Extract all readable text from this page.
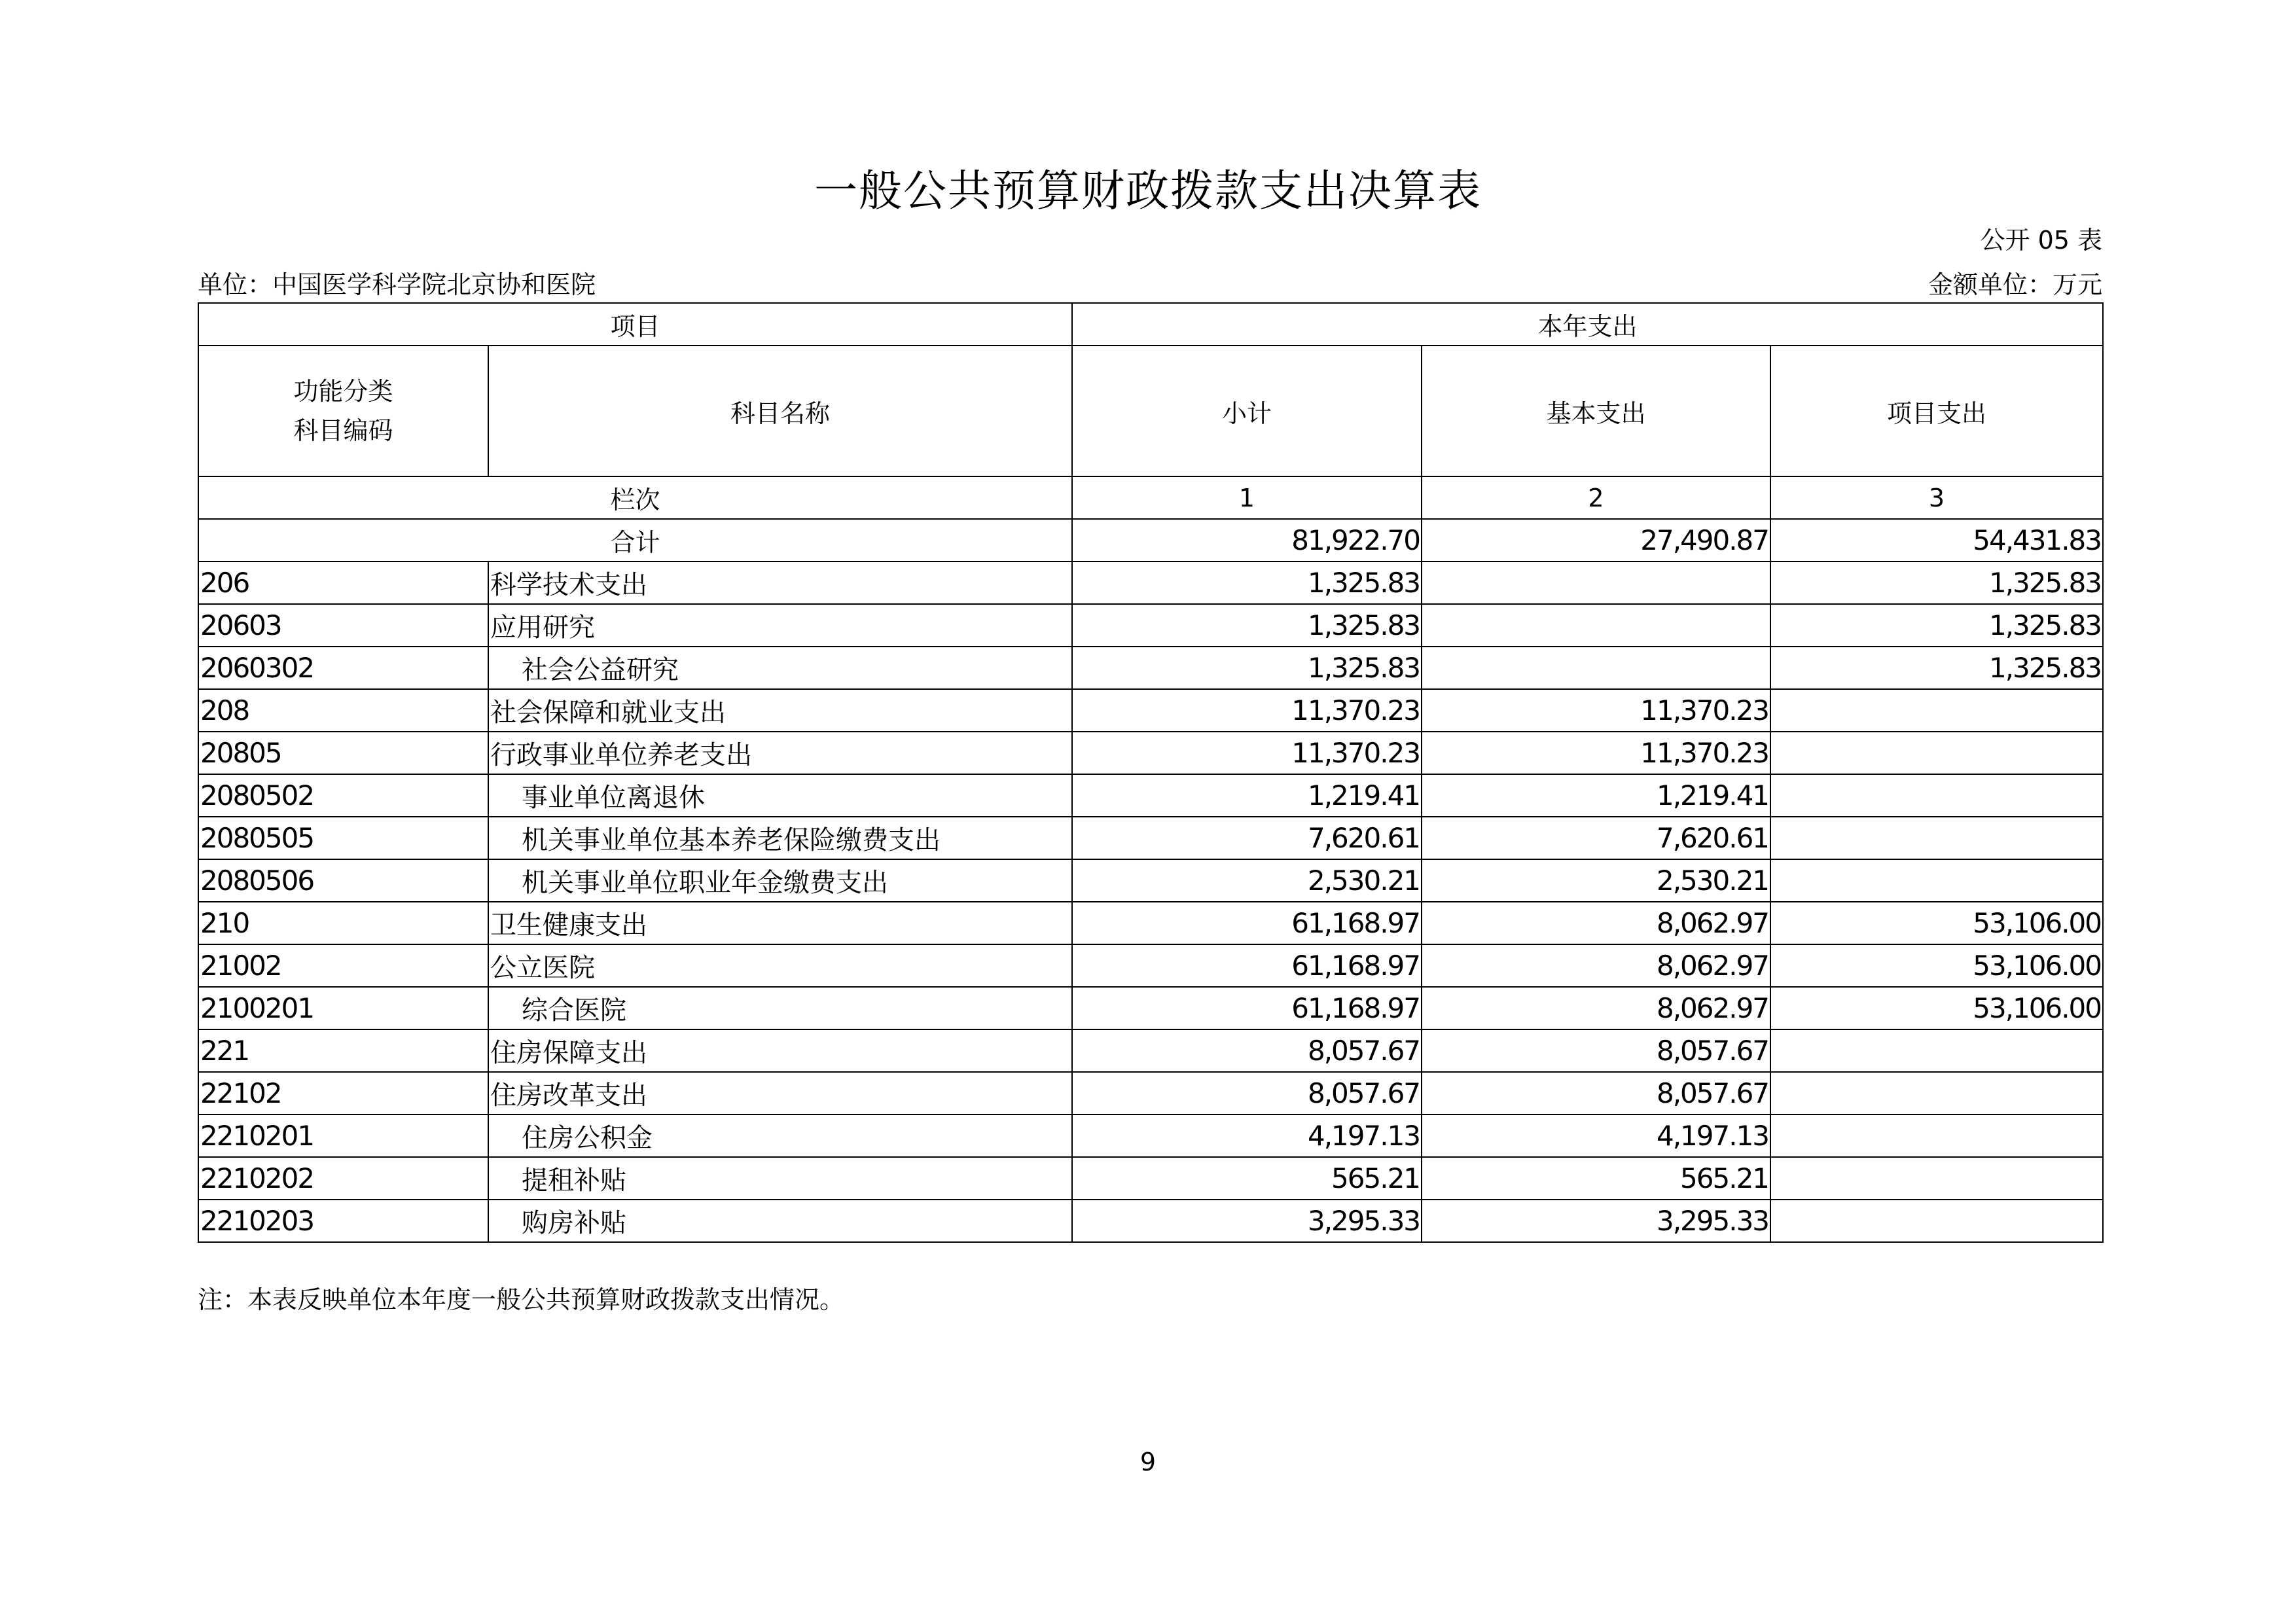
一般公共预算财政拨款支出决算表
公开 05 表
单位：中国医学科学院北京协和医院	金额单位：万元
项目		本年支出		

功能分类
科目编码	科目名称	小计	基本支出	项目支出
栏次		1	2	3
合计		81,922.70	27,490.87	54,431.83
206	科学技术支出	1,325.83		1,325.83
20603	应用研究	1,325.83		1,325.83
2060302	社会公益研究	1,325.83		1,325.83
208	社会保障和就业支出	11,370.23	11,370.23	
20805	行政事业单位养老支出	11,370.23	11,370.23	
2080502	事业单位离退休	1,219.41	1,219.41	
2080505	机关事业单位基本养老保险缴费支出	7,620.61	7,620.61	
2080506	机关事业单位职业年金缴费支出	2,530.21	2,530.21	
210	卫生健康支出	61,168.97	8,062.97	53,106.00
21002	公立医院	61,168.97	8,062.97	53,106.00
2100201	综合医院	61,168.97	8,062.97	53,106.00
221	住房保障支出	8,057.67	8,057.67	
22102	住房改革支出	8,057.67	8,057.67	
2210201	住房公积金	4,197.13	4,197.13	
2210202	提租补贴	565.21	565.21	
2210203	购房补贴	3,295.33	3,295.33	
注：本表反映单位本年度一般公共预算财政拨款支出情况。
9
